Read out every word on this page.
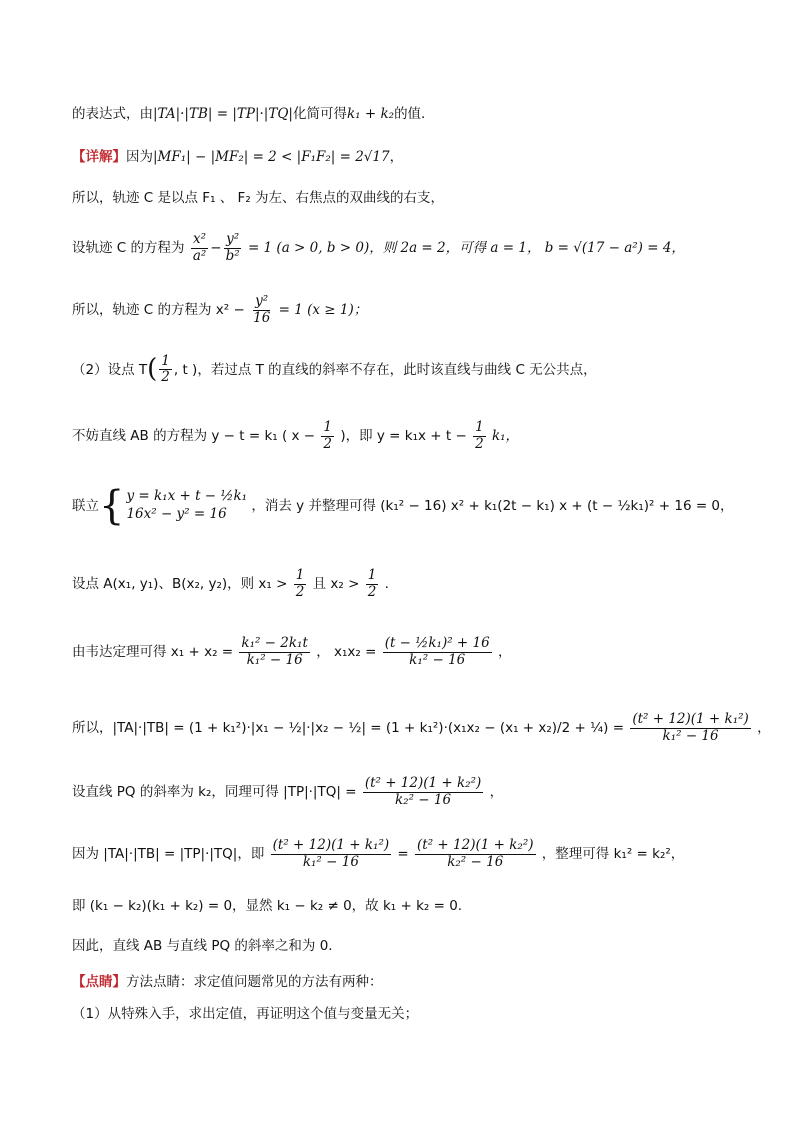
的表达式，由|TA|·|TB| = |TP|·|TQ|化简可得k₁ + k₂的值.
【详解】因为|MF₁| − |MF₂| = 2 < |F₁F₂| = 2√17，
所以，轨迹 C 是以点 F₁ 、 F₂ 为左、右焦点的双曲线的右支，
设轨迹 C 的方程为 $\frac{\text{x²}}{\text{a²}} - \frac{\text{y²}}{\text{b²}} = 1$ (a > 0, b > 0)，则 2a = 2，可得 a = 1， b = √(17 − a²) = 4，
所以，轨迹 C 的方程为 $x^2 - \frac{\text{y²}}{16} = 1$ (x ≥ 1)；
（2）设点 $T( \frac{1}{2}$ , t )，若过点 T 的直线的斜率不存在，此时该直线与曲线 C 无公共点，
不妨直线 AB 的方程为 y − t = k₁ ( $x - \frac{1}{2}$ )，即 $y = k_1x + t - \frac{1}{2} k_1$，
联立{ y = k₁x + t − ½k₁
16x² − y² = 16	，消去 y 并整理可得 (k₁² − 16) x² + k₁(2t − k₁) x + (t − ½k₁)² + 16 = 0，
设点 A(x₁, y₁)、B(x₂, y₂)，则 $x_1 > \frac{1}{2}$ 且 $x_2 > \frac{1}{2}$ .
由韦达定理可得 $x_1 + x_2 = \frac{\text{k₁² − 2k₁t}}{\text{k₁² − 16}}$ ， $x_1x_2 = \frac{\text{(t − ½k₁)² + 16}}{\text{k₁² − 16}}$ ，
所以，|TA|·|TB| = (1 + k₁²)·|x₁ − ½|·|x₂ − ½| = (1 + k₁²)·(x₁x₂ − (x₁ + x₂)/2 + ¼) = $\frac{\text{(t² + 12)(1 + k₁²)}}{\text{k₁² − 16}}$ ，
设直线 PQ 的斜率为 k₂，同理可得 $|TP|\cdot|TQ| = \frac{\text{(t² + 12)(1 + k₂²)}}{\text{k₂² − 16}}$ ，
因为 |TA|·|TB| = |TP|·|TQ|，即 $\frac{\text{(t² + 12)(1 + k₁²)}}{\text{k₁² − 16}} = \frac{\text{(t² + 12)(1 + k₂²)}}{\text{k₂² − 16}}$ ，整理可得 k₁² = k₂²，
即 (k₁ − k₂)(k₁ + k₂) = 0，显然 k₁ − k₂ ≠ 0，故 k₁ + k₂ = 0.
因此，直线 AB 与直线 PQ 的斜率之和为 0.
【点睛】方法点睛：求定值问题常见的方法有两种：
（1）从特殊入手，求出定值，再证明这个值与变量无关；
